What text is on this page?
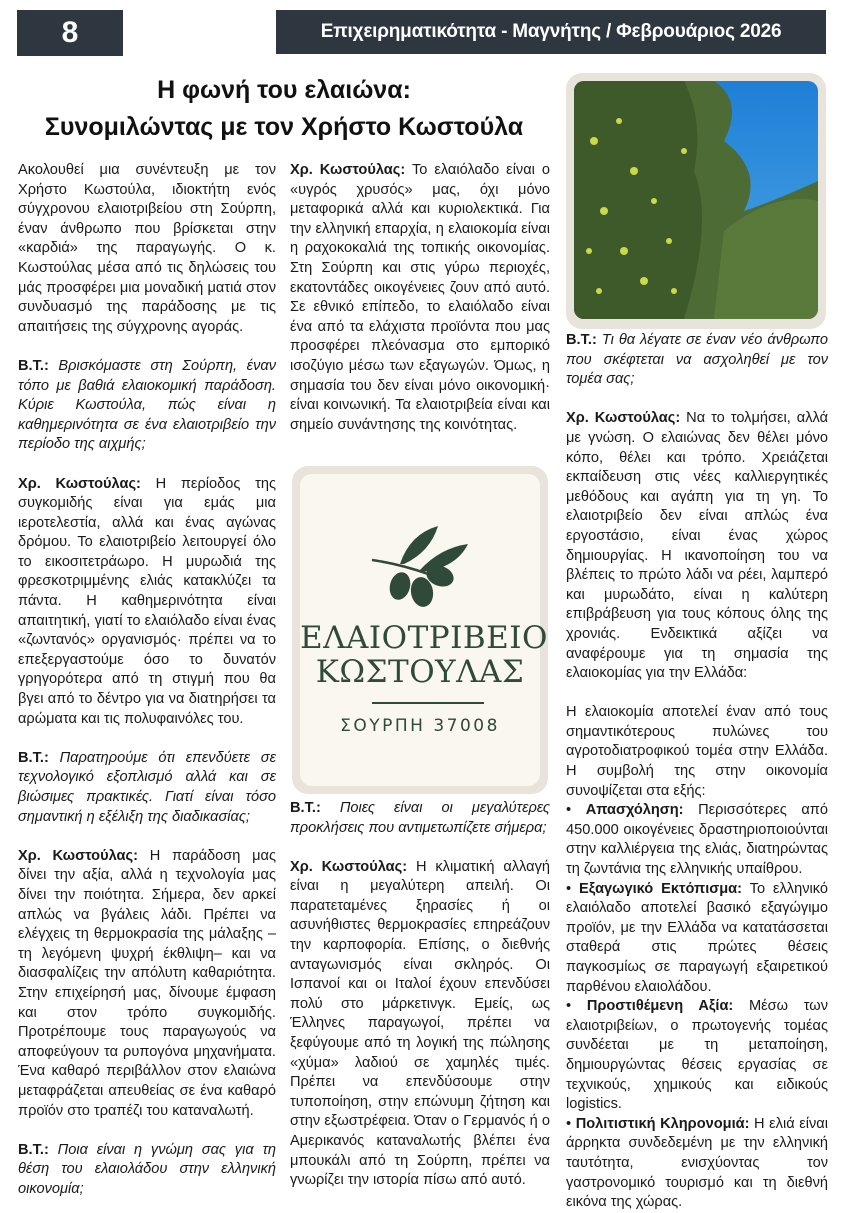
8	Επιχειρηματικότητα - Μαγνήτης / Φεβρουάριος 2026
Η φωνή του ελαιώνα:
Συνομιλώντας με τον Χρήστο Κωστούλα

Ακολουθεί μια συνέντευξη με τον Χρήστο Κωστούλα, ιδιοκτήτη ενός σύγχρονου ελαιοτριβείου στη Σούρπη, έναν άνθρωπο που βρίσκεται στην «καρδιά» της παραγωγής. Ο κ. Κωστούλας μέσα από τις δηλώσεις του μάς προσφέρει μια μοναδική ματιά στον συνδυασμό της παράδοσης με τις απαιτήσεις της σύγχρονης αγοράς.

Β.Τ.: Βρισκόμαστε στη Σούρπη, έναν τόπο με βαθιά ελαιοκομική παράδοση. Κύριε Κωστούλα, πώς είναι η καθημερινότητα σε ένα ελαιοτριβείο την περίοδο της αιχμής;

Χρ. Κωστούλας: Η περίοδος της συγκομιδής είναι για εμάς μια ιεροτελεστία, αλλά και ένας αγώνας δρόμου. Το ελαιοτριβείο λειτουργεί όλο το εικοσιτετράωρο. Η μυρωδιά της φρεσκοτριμμένης ελιάς κατακλύζει τα πάντα. Η καθημερινότητα είναι απαιτητική, γιατί το ελαιόλαδο είναι ένας «ζωντανός» οργανισμός· πρέπει να το επεξεργαστούμε όσο το δυνατόν γρηγορότερα από τη στιγμή που θα βγει από το δέντρο για να διατηρήσει τα αρώματα και τις πολυφαινόλες του.

Β.Τ.: Παρατηρούμε ότι επενδύετε σε τεχνολογικό εξοπλισμό αλλά και σε βιώσιμες πρακτικές. Γιατί είναι τόσο σημαντική η εξέλιξη της διαδικασίας;

Χρ. Κωστούλας: Η παράδοση μας δίνει την αξία, αλλά η τεχνολογία μας δίνει την ποιότητα. Σήμερα, δεν αρκεί απλώς να βγάλεις λάδι. Πρέπει να ελέγχεις τη θερμοκρασία της μάλαξης –τη λεγόμενη ψυχρή έκθλιψη– και να διασφαλίζεις την απόλυτη καθαριότητα. Στην επιχείρησή μας, δίνουμε έμφαση και στον τρόπο συγκομιδής. Προτρέπουμε τους παραγωγούς να αποφεύγουν τα ρυπογόνα μηχανήματα. Ένα καθαρό περιβάλλον στον ελαιώνα μεταφράζεται απευθείας σε ένα καθαρό προϊόν στο τραπέζι του καταναλωτή.

Β.Τ.: Ποια είναι η γνώμη σας για τη θέση του ελαιολάδου στην ελληνική οικονομία;

Χρ. Κωστούλας: Το ελαιόλαδο είναι ο «υγρός χρυσός» μας, όχι μόνο μεταφορικά αλλά και κυριολεκτικά. Για την ελληνική επαρχία, η ελαιοκομία είναι η ραχοκοκαλιά της τοπικής οικονομίας. Στη Σούρπη και στις γύρω περιοχές, εκατοντάδες οικογένειες ζουν από αυτό. Σε εθνικό επίπεδο, το ελαιόλαδο είναι ένα από τα ελάχιστα προϊόντα που μας προσφέρει πλεόνασμα στο εμπορικό ισοζύγιο μέσω των εξαγωγών. Όμως, η σημασία του δεν είναι μόνο οικονομική· είναι κοινωνική. Τα ελαιοτριβεία είναι και σημείο συνάντησης της κοινότητας.

Β.Τ.: Ποιες είναι οι μεγαλύτερες προκλήσεις που αντιμετωπίζετε σήμερα;

Χρ. Κωστούλας: Η κλιματική αλλαγή είναι η μεγαλύτερη απειλή. Οι παρατεταμένες ξηρασίες ή οι ασυνήθιστες θερμοκρασίες επηρεάζουν την καρποφορία. Επίσης, ο διεθνής ανταγωνισμός είναι σκληρός. Οι Ισπανοί και οι Ιταλοί έχουν επενδύσει πολύ στο μάρκετινγκ. Εμείς, ως Έλληνες παραγωγοί, πρέπει να ξεφύγουμε από τη λογική της πώλησης «χύμα» λαδιού σε χαμηλές τιμές. Πρέπει να επενδύσουμε στην τυποποίηση, στην επώνυμη ζήτηση και στην εξωστρέφεια. Όταν ο Γερμανός ή ο Αμερικανός καταναλωτής βλέπει ένα μπουκάλι από τη Σούρπη, πρέπει να γνωρίζει την ιστορία πίσω από αυτό.

ΕΛΑΙΟΤΡΙΒΕΙΟ
ΚΩΣΤΟΥΛΑΣ
ΣΟΥΡΠΗ 37008

Β.Τ.: Τι θα λέγατε σε έναν νέο άνθρωπο που σκέφτεται να ασχοληθεί με τον τομέα σας;

Χρ. Κωστούλας: Να το τολμήσει, αλλά με γνώση. Ο ελαιώνας δεν θέλει μόνο κόπο, θέλει και τρόπο. Χρειάζεται εκπαίδευση στις νέες καλλιεργητικές μεθόδους και αγάπη για τη γη. Το ελαιοτριβείο δεν είναι απλώς ένα εργοστάσιο, είναι ένας χώρος δημιουργίας. Η ικανοποίηση του να βλέπεις το πρώτο λάδι να ρέει, λαμπερό και μυρωδάτο, είναι η καλύτερη επιβράβευση για τους κόπους όλης της χρονιάς. Ενδεικτικά αξίζει να αναφέρουμε για τη σημασία της ελαιοκομίας για την Ελλάδα:

Η ελαιοκομία αποτελεί έναν από τους σημαντικότερους πυλώνες του αγροτοδιατροφικού τομέα στην Ελλάδα. Η συμβολή της στην οικονομία συνοψίζεται στα εξής:

• Απασχόληση: Περισσότερες από 450.000 οικογένειες δραστηριοποιούνται στην καλλιέργεια της ελιάς, διατηρώντας τη ζωντάνια της ελληνικής υπαίθρου.

• Εξαγωγικό Εκτόπισμα: Το ελληνικό ελαιόλαδο αποτελεί βασικό εξαγώγιμο προϊόν, με την Ελλάδα να κατατάσσεται σταθερά στις πρώτες θέσεις παγκοσμίως σε παραγωγή εξαιρετικού παρθένου ελαιολάδου.

• Προστιθέμενη Αξία: Μέσω των ελαιοτριβείων, ο πρωτογενής τομέας συνδέεται με τη μεταποίηση, δημιουργώντας θέσεις εργασίας σε τεχνικούς, χημικούς και ειδικούς logistics.

• Πολιτιστική Κληρονομιά: Η ελιά είναι άρρηκτα συνδεδεμένη με την ελληνική ταυτότητα, ενισχύοντας τον γαστρονομικό τουρισμό και τη διεθνή εικόνα της χώρας.
